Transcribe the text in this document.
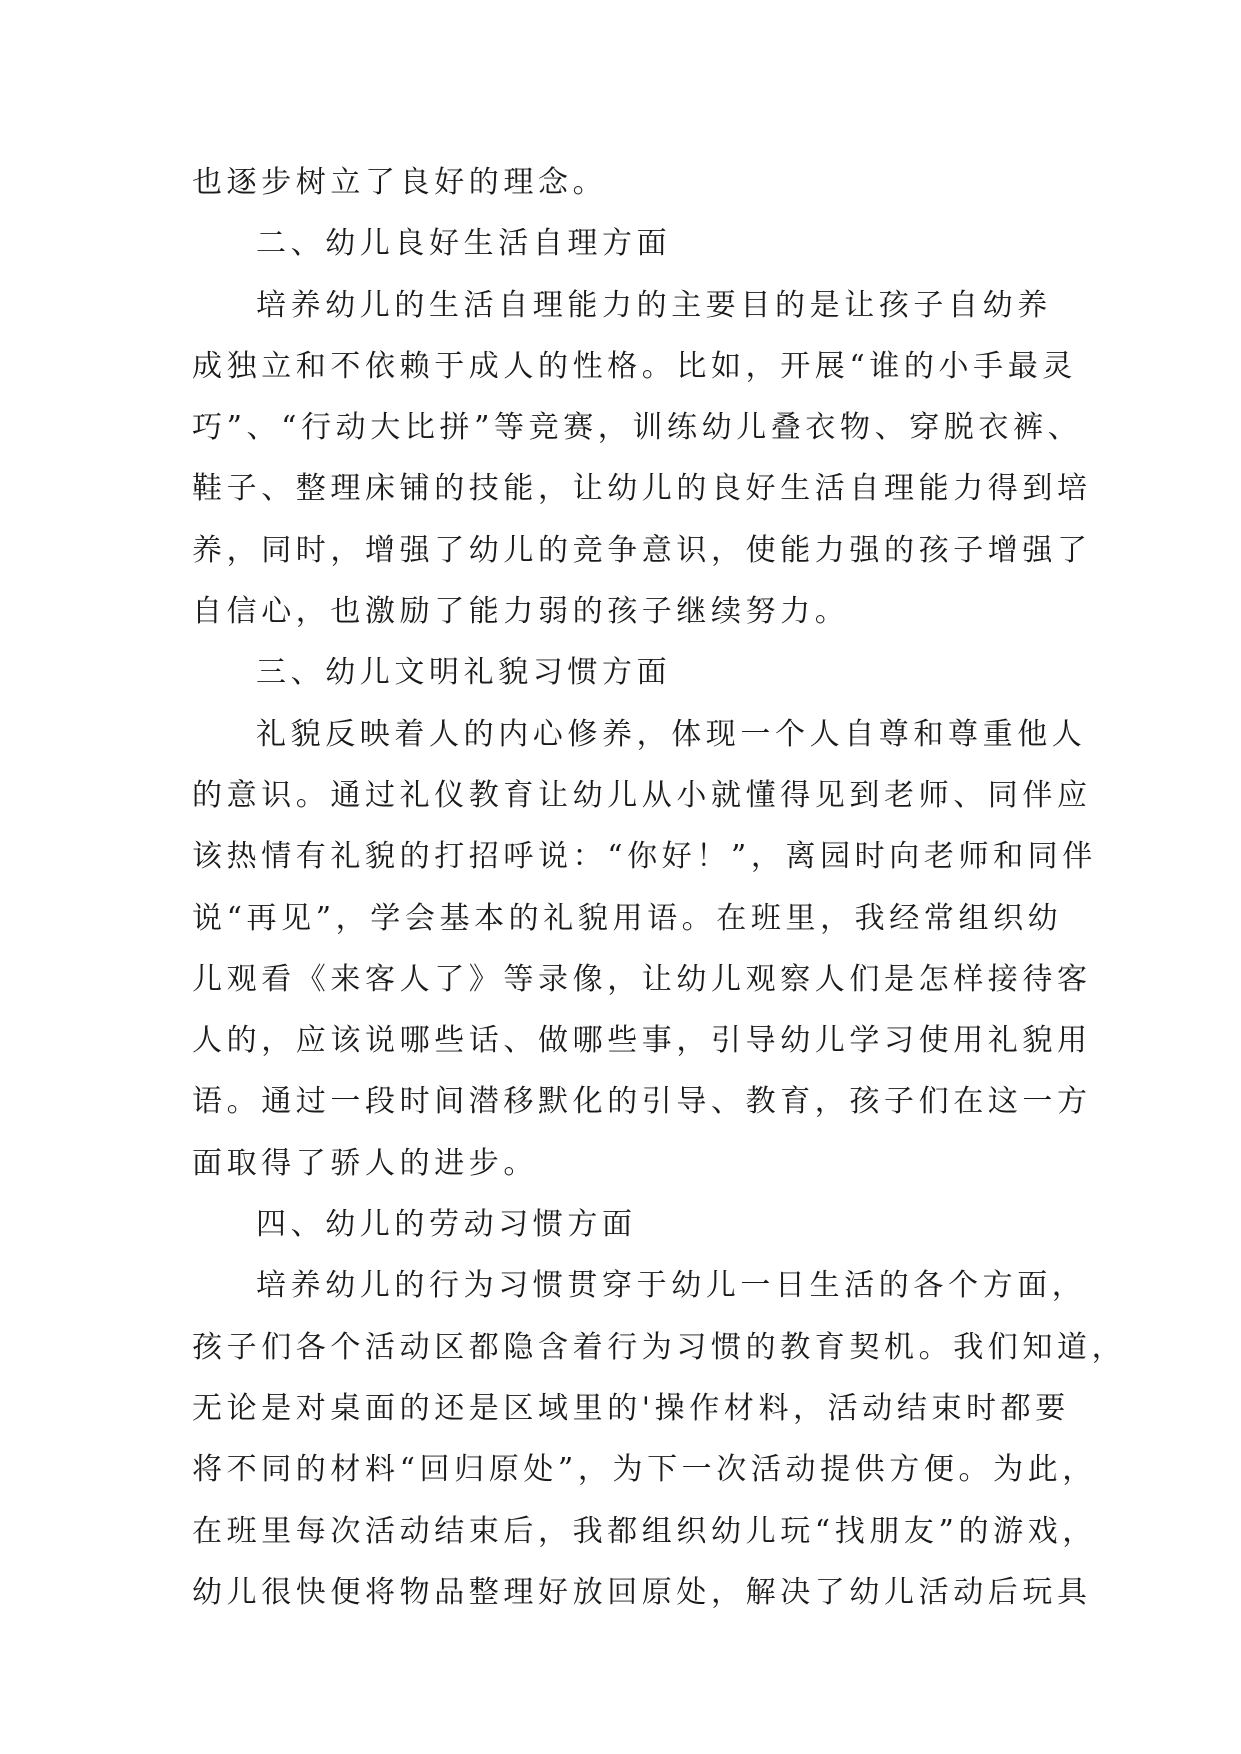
也逐步树立了良好的理念。
二、幼儿良好生活自理方面
培养幼儿的生活自理能力的主要目的是让孩子自幼养
成独立和不依赖于成人的性格。比如，开展“谁的小手最灵
巧”、“行动大比拼”等竞赛，训练幼儿叠衣物、穿脱衣裤、
鞋子、整理床铺的技能，让幼儿的良好生活自理能力得到培
养，同时，增强了幼儿的竞争意识，使能力强的孩子增强了
自信心，也激励了能力弱的孩子继续努力。
三、幼儿文明礼貌习惯方面
礼貌反映着人的内心修养，体现一个人自尊和尊重他人
的意识。通过礼仪教育让幼儿从小就懂得见到老师、同伴应
该热情有礼貌的打招呼说：“你好！”，离园时向老师和同伴
说“再见”，学会基本的礼貌用语。在班里，我经常组织幼
儿观看《来客人了》等录像，让幼儿观察人们是怎样接待客
人的，应该说哪些话、做哪些事，引导幼儿学习使用礼貌用
语。通过一段时间潜移默化的引导、教育，孩子们在这一方
面取得了骄人的进步。
四、幼儿的劳动习惯方面
培养幼儿的行为习惯贯穿于幼儿一日生活的各个方面，
孩子们各个活动区都隐含着行为习惯的教育契机。我们知道，
无论是对桌面的还是区域里的'操作材料，活动结束时都要
将不同的材料“回归原处”，为下一次活动提供方便。为此，
在班里每次活动结束后，我都组织幼儿玩“找朋友”的游戏，
幼儿很快便将物品整理好放回原处，解决了幼儿活动后玩具
